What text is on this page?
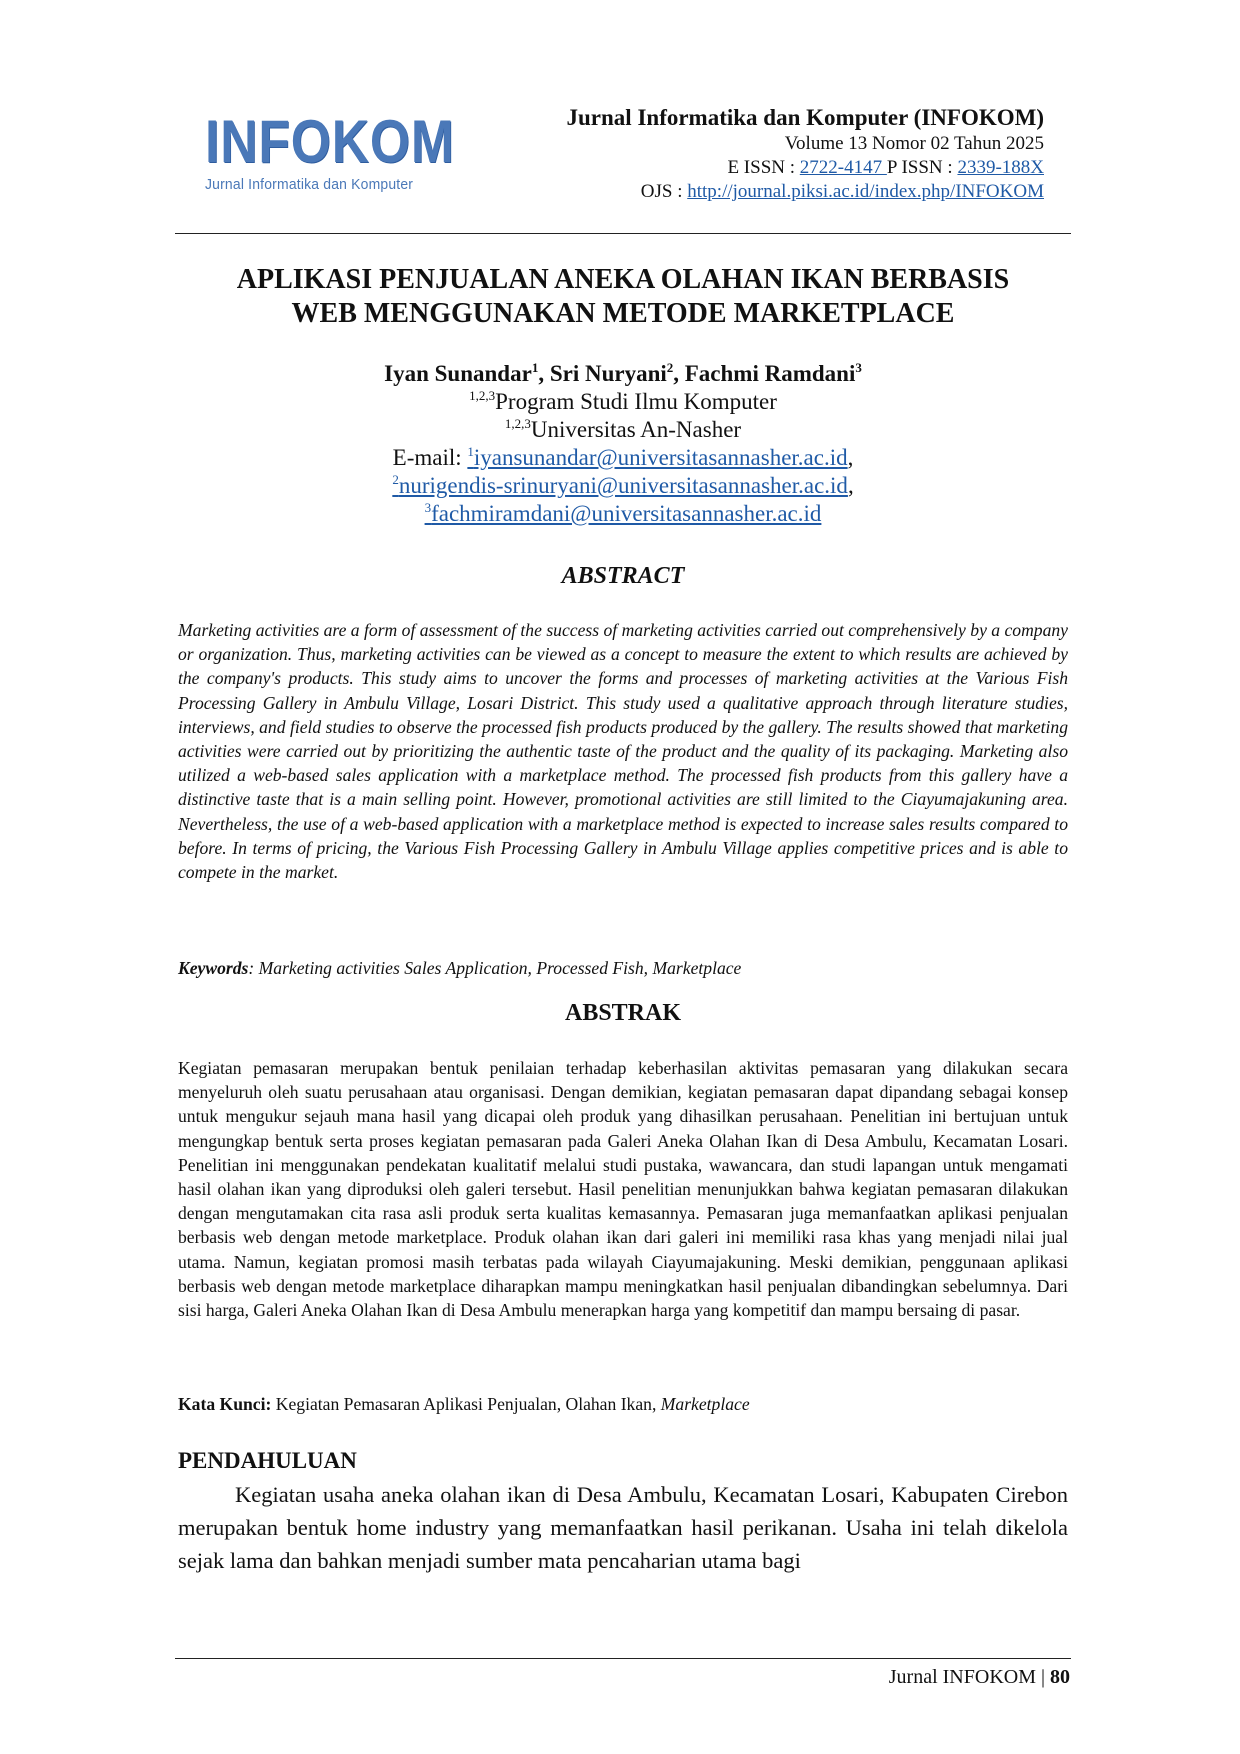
INFOKOM
Jurnal Informatika dan Komputer
Jurnal Informatika dan Komputer (INFOKOM)
Volume 13 Nomor 02 Tahun 2025
E ISSN : 2722-4147 P ISSN : 2339-188X
OJS : http://journal.piksi.ac.id/index.php/INFOKOM
APLIKASI PENJUALAN ANEKA OLAHAN IKAN BERBASIS
WEB MENGGUNAKAN METODE MARKETPLACE
Iyan Sunandar$^1$, Sri Nuryani$^2$, Fachmi Ramdani$^3$
$^{1,2,3}$Program Studi Ilmu Komputer
$^{1,2,3}$Universitas An-Nasher
E-mail: $^1$iyansunandar@universitasannasher.ac.id,
$^2$nurigendis-srinuryani@universitasannasher.ac.id,
$^3$fachmiramdani@universitasannasher.ac.id
ABSTRACT
Marketing activities are a form of assessment of the success of marketing activities carried out comprehensively by a company or organization. Thus, marketing activities can be viewed as a concept to measure the extent to which results are achieved by the company's products. This study aims to uncover the forms and processes of marketing activities at the Various Fish Processing Gallery in Ambulu Village, Losari District. This study used a qualitative approach through literature studies, interviews, and field studies to observe the processed fish products produced by the gallery. The results showed that marketing activities were carried out by prioritizing the authentic taste of the product and the quality of its packaging. Marketing also utilized a web-based sales application with a marketplace method. The processed fish products from this gallery have a distinctive taste that is a main selling point. However, promotional activities are still limited to the Ciayumajakuning area. Nevertheless, the use of a web-based application with a marketplace method is expected to increase sales results compared to before. In terms of pricing, the Various Fish Processing Gallery in Ambulu Village applies competitive prices and is able to compete in the market.
Keywords: Marketing activities Sales Application, Processed Fish, Marketplace
ABSTRAK
Kegiatan pemasaran merupakan bentuk penilaian terhadap keberhasilan aktivitas pemasaran yang dilakukan secara menyeluruh oleh suatu perusahaan atau organisasi. Dengan demikian, kegiatan pemasaran dapat dipandang sebagai konsep untuk mengukur sejauh mana hasil yang dicapai oleh produk yang dihasilkan perusahaan. Penelitian ini bertujuan untuk mengungkap bentuk serta proses kegiatan pemasaran pada Galeri Aneka Olahan Ikan di Desa Ambulu, Kecamatan Losari. Penelitian ini menggunakan pendekatan kualitatif melalui studi pustaka, wawancara, dan studi lapangan untuk mengamati hasil olahan ikan yang diproduksi oleh galeri tersebut. Hasil penelitian menunjukkan bahwa kegiatan pemasaran dilakukan dengan mengutamakan cita rasa asli produk serta kualitas kemasannya. Pemasaran juga memanfaatkan aplikasi penjualan berbasis web dengan metode marketplace. Produk olahan ikan dari galeri ini memiliki rasa khas yang menjadi nilai jual utama. Namun, kegiatan promosi masih terbatas pada wilayah Ciayumajakuning. Meski demikian, penggunaan aplikasi berbasis web dengan metode marketplace diharapkan mampu meningkatkan hasil penjualan dibandingkan sebelumnya. Dari sisi harga, Galeri Aneka Olahan Ikan di Desa Ambulu menerapkan harga yang kompetitif dan mampu bersaing di pasar.
Kata Kunci: Kegiatan Pemasaran Aplikasi Penjualan, Olahan Ikan, Marketplace
PENDAHULUAN
Kegiatan usaha aneka olahan ikan di Desa Ambulu, Kecamatan Losari, Kabupaten Cirebon merupakan bentuk home industry yang memanfaatkan hasil perikanan. Usaha ini telah dikelola sejak lama dan bahkan menjadi sumber mata pencaharian utama bagi
Jurnal INFOKOM | 80
